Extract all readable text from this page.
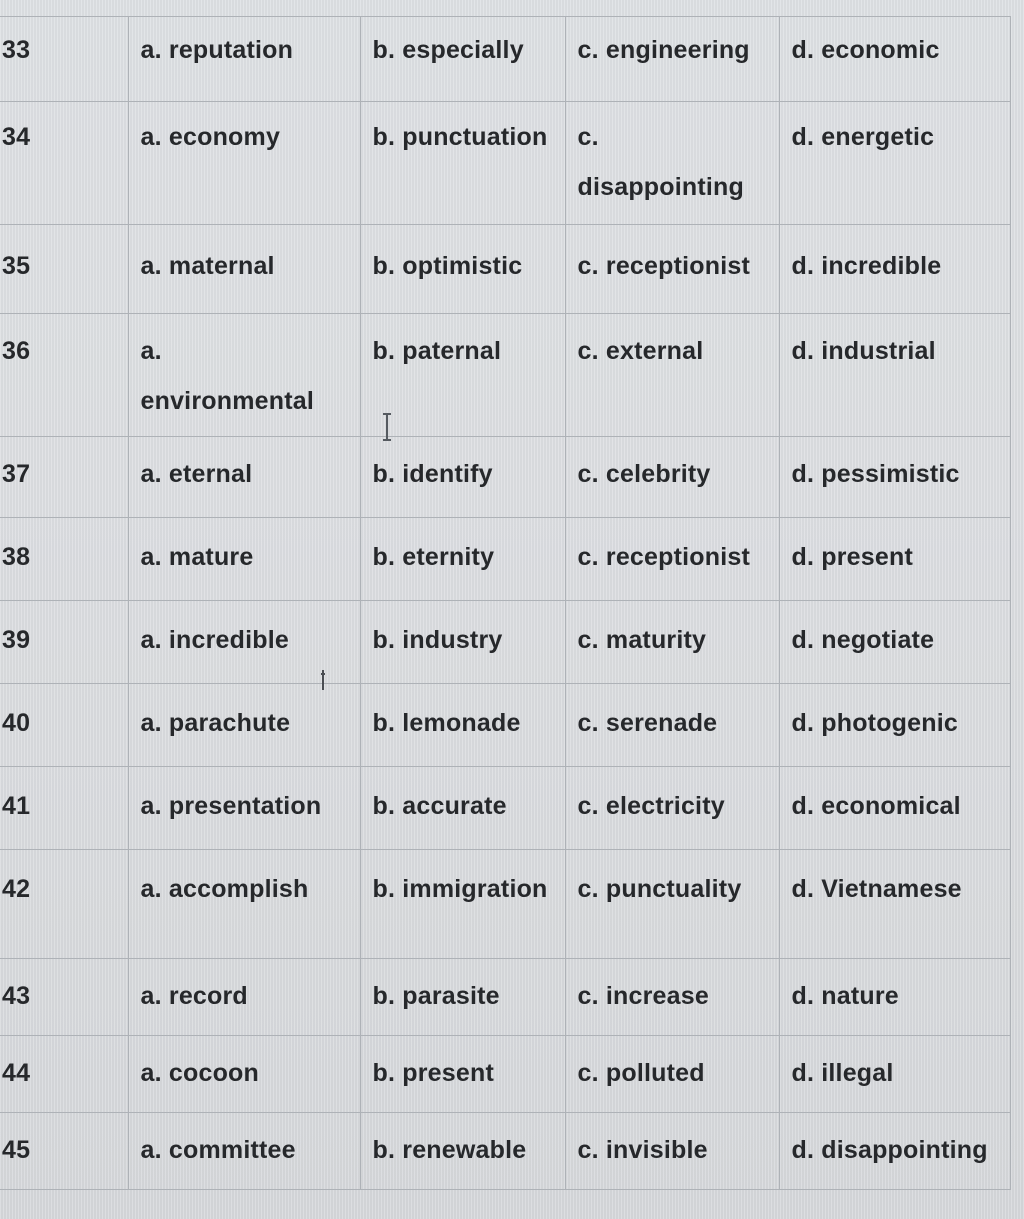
33	a. reputation	b. especially	c. engineering	d. economic
34	a. economy	b. punctuation	c. disappointing	d. energetic
35	a. maternal	b. optimistic	c. receptionist	d. incredible
36	a. environmental	b. paternal	c. external	d. industrial
37	a. eternal	b. identify	c. celebrity	d. pessimistic
38	a. mature	b. eternity	c. receptionist	d. present
39	a. incredible	b. industry	c. maturity	d. negotiate
40	a. parachute	b. lemonade	c. serenade	d. photogenic
41	a. presentation	b. accurate	c. electricity	d. economical
42	a. accomplish	b. immigration	c. punctuality	d. Vietnamese
43	a. record	b. parasite	c. increase	d. nature
44	a. cocoon	b. present	c. polluted	d. illegal
45	a. committee	b. renewable	c. invisible	d. disappointing
